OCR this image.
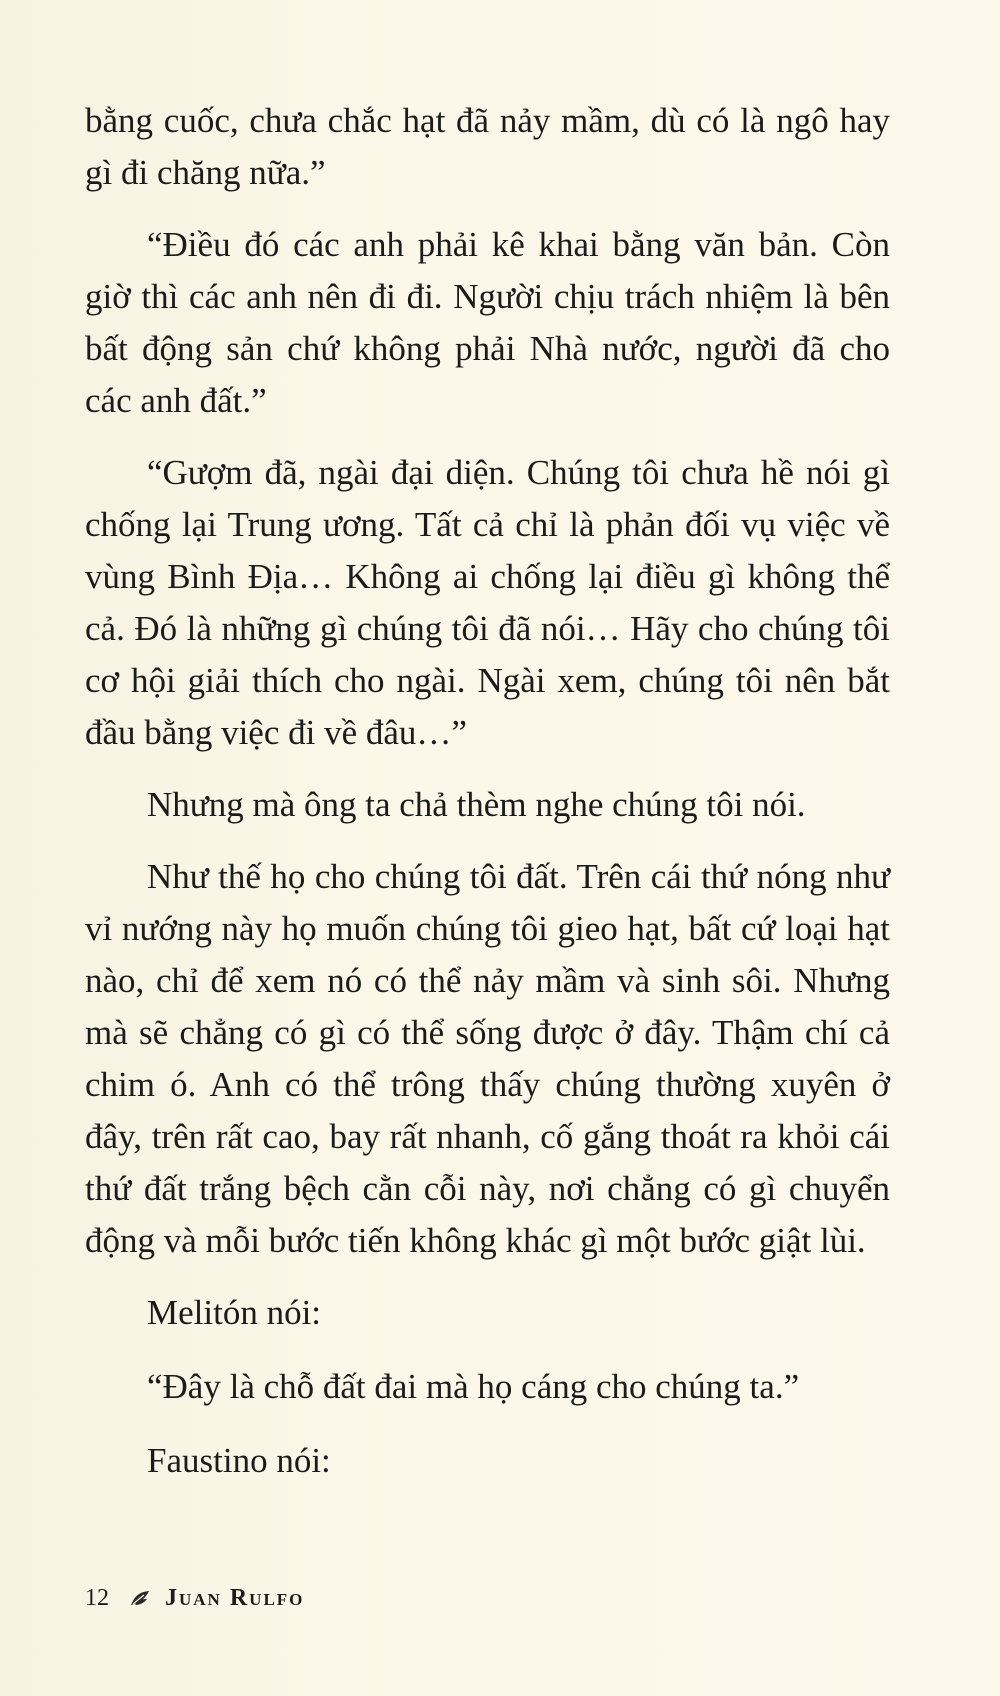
bằng cuốc, chưa chắc hạt đã nảy mầm, dù có là ngô hay gì đi chăng nữa.”

“Điều đó các anh phải kê khai bằng văn bản. Còn giờ thì các anh nên đi đi. Người chịu trách nhiệm là bên bất động sản chứ không phải Nhà nước, người đã cho các anh đất.”

“Gượm đã, ngài đại diện. Chúng tôi chưa hề nói gì chống lại Trung ương. Tất cả chỉ là phản đối vụ việc về vùng Bình Địa… Không ai chống lại điều gì không thể cả. Đó là những gì chúng tôi đã nói… Hãy cho chúng tôi cơ hội giải thích cho ngài. Ngài xem, chúng tôi nên bắt đầu bằng việc đi về đâu…”

Nhưng mà ông ta chả thèm nghe chúng tôi nói.

Như thế họ cho chúng tôi đất. Trên cái thứ nóng như vỉ nướng này họ muốn chúng tôi gieo hạt, bất cứ loại hạt nào, chỉ để xem nó có thể nảy mầm và sinh sôi. Nhưng mà sẽ chẳng có gì có thể sống được ở đây. Thậm chí cả chim ó. Anh có thể trông thấy chúng thường xuyên ở đây, trên rất cao, bay rất nhanh, cố gắng thoát ra khỏi cái thứ đất trắng bệch cằn cỗi này, nơi chẳng có gì chuyển động và mỗi bước tiến không khác gì một bước giật lùi.

Melitón nói:

“Đây là chỗ đất đai mà họ cáng cho chúng ta.”

Faustino nói:

12 Juan Rulfo
